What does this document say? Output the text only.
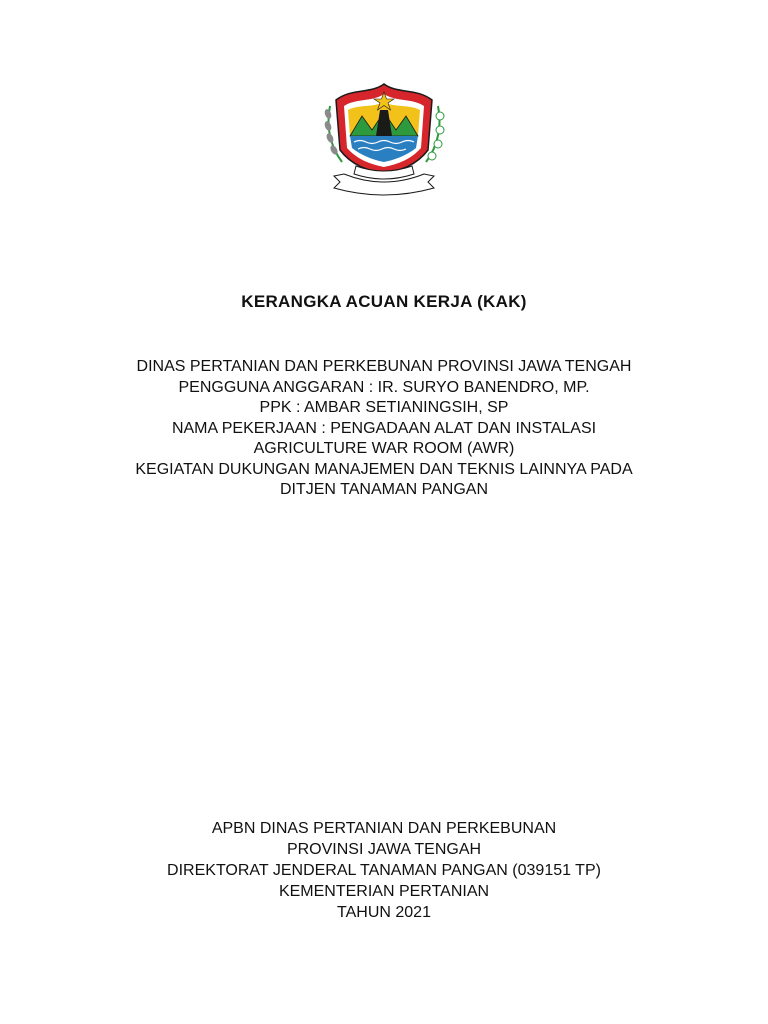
KERANGKA ACUAN KERJA (KAK)
DINAS PERTANIAN DAN PERKEBUNAN PROVINSI JAWA TENGAH
PENGGUNA ANGGARAN : IR. SURYO BANENDRO, MP.
PPK : AMBAR SETIANINGSIH, SP
NAMA PEKERJAAN : PENGADAAN ALAT DAN INSTALASI
AGRICULTURE WAR ROOM (AWR)
KEGIATAN DUKUNGAN MANAJEMEN DAN TEKNIS LAINNYA PADA
DITJEN TANAMAN PANGAN
APBN DINAS PERTANIAN DAN PERKEBUNAN
PROVINSI JAWA TENGAH
DIREKTORAT JENDERAL TANAMAN PANGAN (039151 TP)
KEMENTERIAN PERTANIAN
TAHUN 2021
